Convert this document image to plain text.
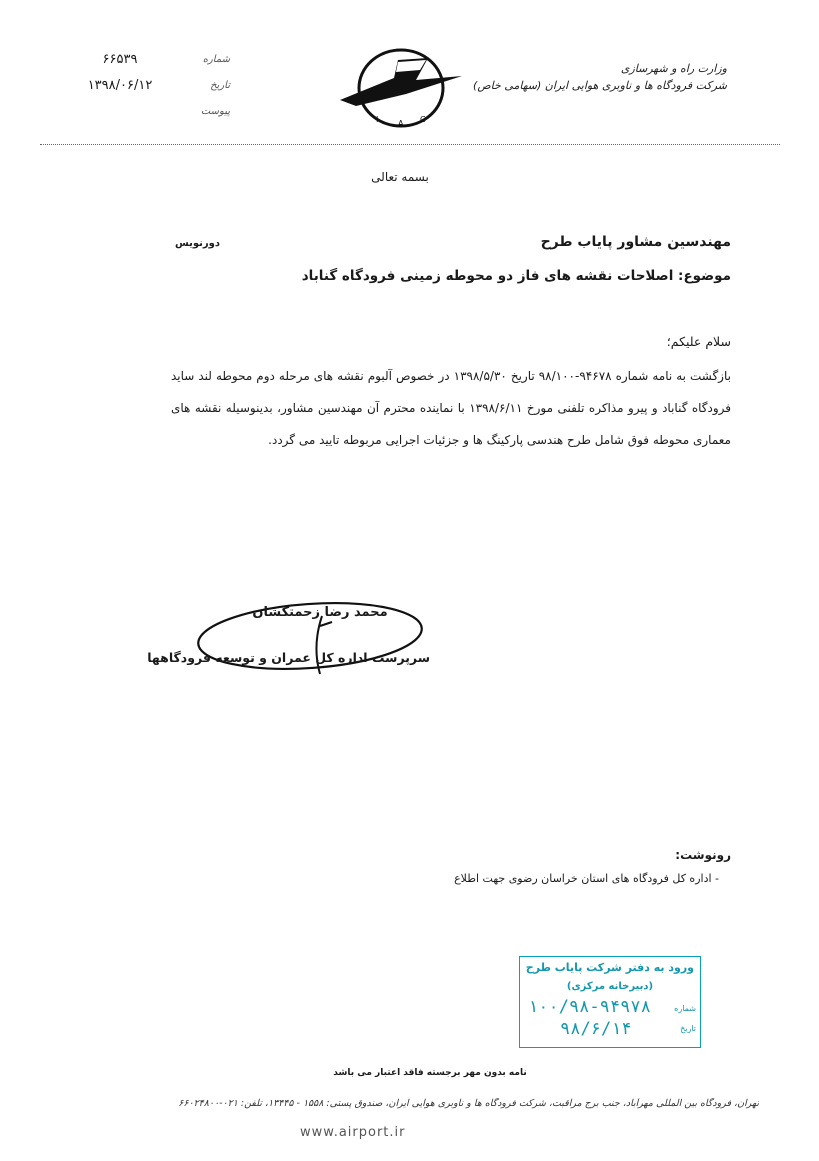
وزارت راه و شهرسازی
شرکت فرودگاه ها و ناوبری هوایی ایران (سهامی خاص)
I A C
۶۶۵۳۹	شماره
۱۳۹۸/۰۶/۱۲	تاریخ
پیوست
بسمه تعالی
مهندسین مشاور پایاب طرح
دورنویس
موضوع: اصلاحات نقشه های فاز دو محوطه زمینی فرودگاه گناباد
سلام علیکم؛
بازگشت به نامه شماره ۹۴۶۷۸-۹۸/۱۰۰ تاریخ ۱۳۹۸/۵/۳۰ در خصوص آلبوم نقشه های مرحله دوم محوطه لند ساید فرودگاه گناباد و پیرو مذاکره تلفنی مورخ ۱۳۹۸/۶/۱۱ با نماینده محترم آن مهندسین مشاور، بدینوسیله نقشه های معماری محوطه فوق شامل طرح هندسی پارکینگ ها و جزئیات اجرایی مربوطه تایید می گردد.
محمد رضا زحمتکشان
سرپرست اداره کل عمران و توسعه فرودگاهها
رونوشت:
- اداره کل فرودگاه های استان خراسان رضوی جهت اطلاع
ورود به دفتر شرکت پایاب طرح
(دبیرخانه مرکزی)
شماره
۱۰۰/۹۸-۹۴۹۷۸
تاریخ
۹۸/۶/۱۴
نامه بدون مهر برجسته فاقد اعتبار می باشد
تهران، فرودگاه بین المللی مهرآباد، جنب برج مراقبت، شرکت فرودگاه ها و ناوبری هوایی ایران، صندوق پستی: ۱۵۵۸ - ۱۳۴۴۵، تلفن: ۰۲۱-۶۶۰۲۴۸۰۰
www.airport.ir
